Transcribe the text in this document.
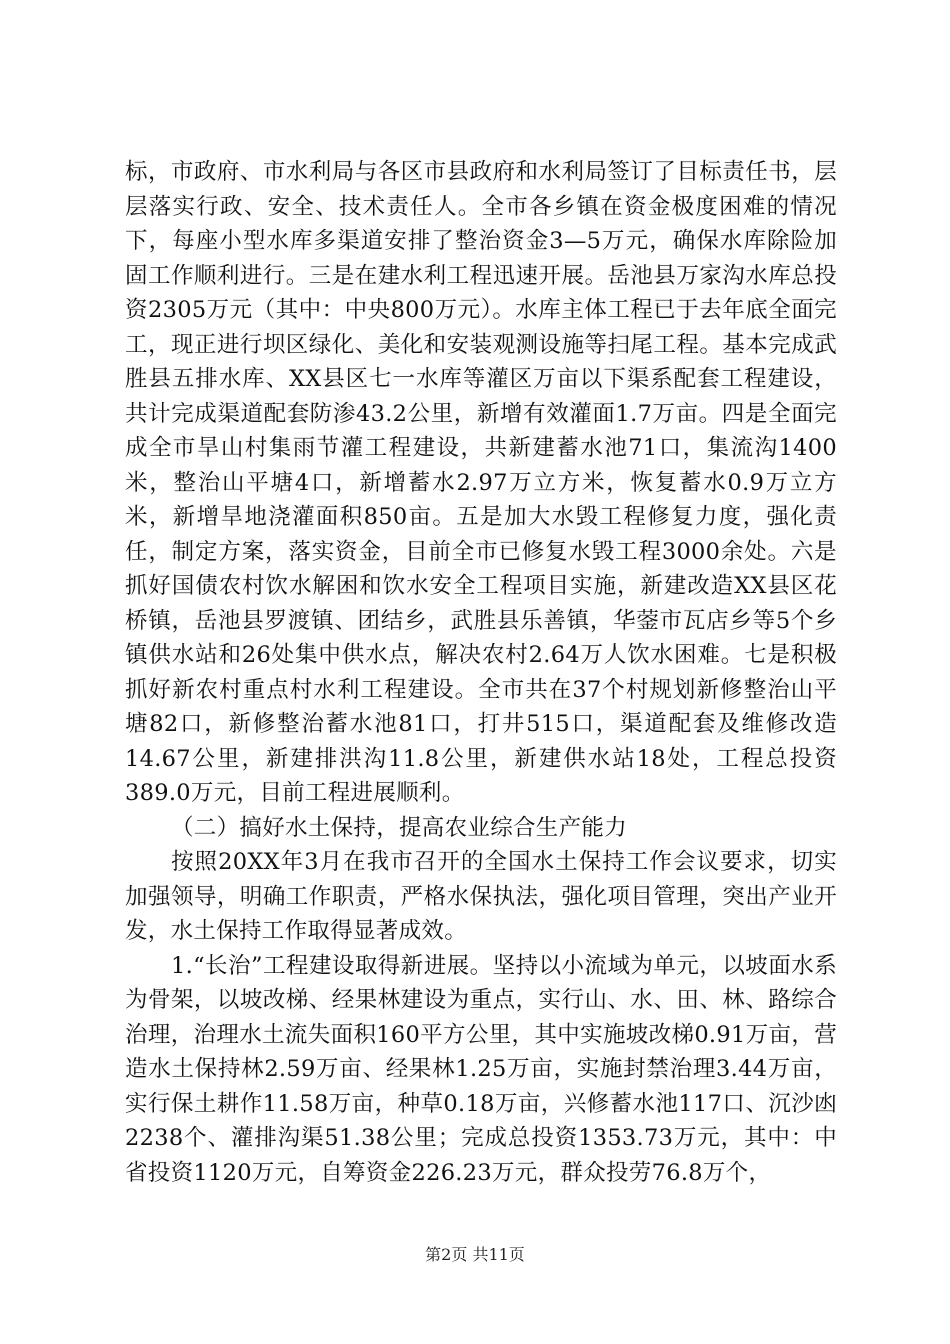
标，市政府、市水利局与各区市县政府和水利局签订了目标责任书，层层落实行政、安全、技术责任人。全市各乡镇在资金极度困难的情况下，每座小型水库多渠道安排了整治资金3—5万元，确保水库除险加固工作顺利进行。三是在建水利工程迅速开展。岳池县万家沟水库总投资2305万元（其中：中央800万元）。水库主体工程已于去年底全面完工，现正进行坝区绿化、美化和安装观测设施等扫尾工程。基本完成武胜县五排水库、XX县区七一水库等灌区万亩以下渠系配套工程建设，共计完成渠道配套防渗43.2公里，新增有效灌面1.7万亩。四是全面完成全市旱山村集雨节灌工程建设，共新建蓄水池71口，集流沟1400米，整治山平塘4口，新增蓄水2.97万立方米，恢复蓄水0.9万立方米，新增旱地浇灌面积850亩。五是加大水毁工程修复力度，强化责任，制定方案，落实资金，目前全市已修复水毁工程3000余处。六是抓好国债农村饮水解困和饮水安全工程项目实施，新建改造XX县区花桥镇，岳池县罗渡镇、团结乡，武胜县乐善镇，华蓥市瓦店乡等5个乡镇供水站和26处集中供水点，解决农村2.64万人饮水困难。七是积极抓好新农村重点村水利工程建设。全市共在37个村规划新修整治山平塘82口，新修整治蓄水池81口，打井515口，渠道配套及维修改造14.67公里，新建排洪沟11.8公里，新建供水站18处，工程总投资389.0万元，目前工程进展顺利。

（二）搞好水土保持，提高农业综合生产能力

按照20XX年3月在我市召开的全国水土保持工作会议要求，切实加强领导，明确工作职责，严格水保执法，强化项目管理，突出产业开发，水土保持工作取得显著成效。

1.“长治”工程建设取得新进展。坚持以小流域为单元，以坡面水系为骨架，以坡改梯、经果林建设为重点，实行山、水、田、林、路综合治理，治理水土流失面积160平方公里，其中实施坡改梯0.91万亩，营造水土保持林2.59万亩、经果林1.25万亩，实施封禁治理3.44万亩，实行保土耕作11.58万亩，种草0.18万亩，兴修蓄水池117口、沉沙凼2238个、灌排沟渠51.38公里；完成总投资1353.73万元，其中：中省投资1120万元，自筹资金226.23万元，群众投劳76.8万个，

第2页 共11页
